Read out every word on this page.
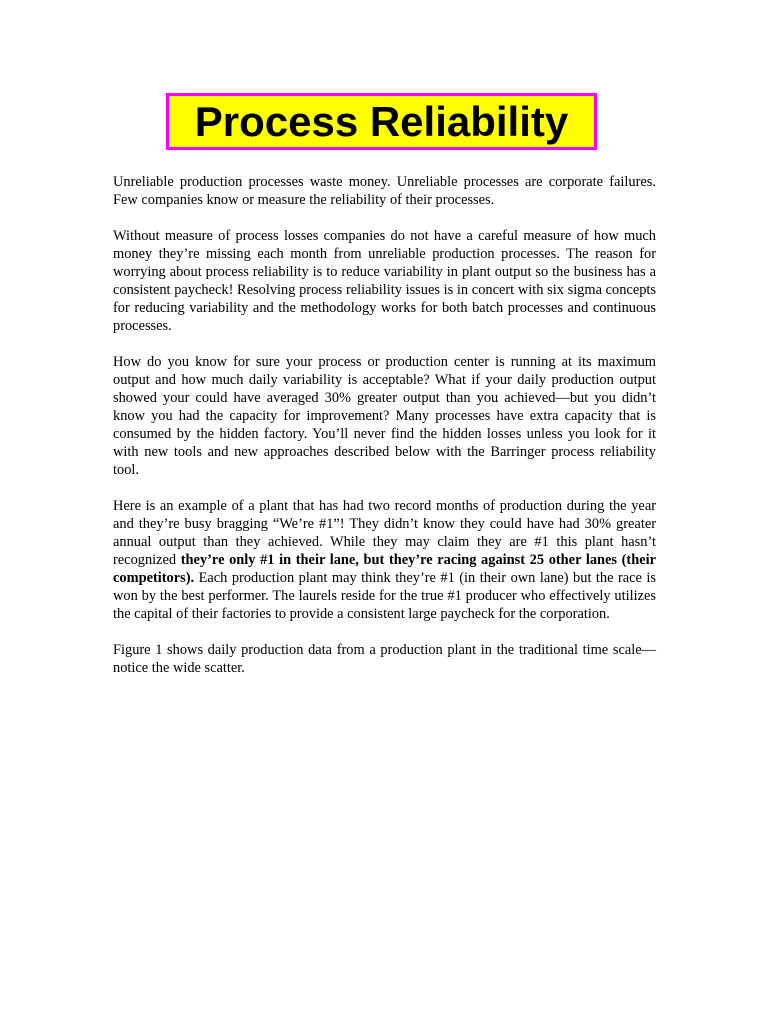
Process Reliability

Unreliable production processes waste money. Unreliable processes are corporate failures. Few companies know or measure the reliability of their processes.

Without measure of process losses companies do not have a careful measure of how much money they’re missing each month from unreliable production processes. The reason for worrying about process reliability is to reduce variability in plant output so the business has a consistent paycheck! Resolving process reliability issues is in concert with six sigma concepts for reducing variability and the methodology works for both batch processes and continuous processes.

How do you know for sure your process or production center is running at its maximum output and how much daily variability is acceptable? What if your daily production output showed your could have averaged 30% greater output than you achieved—but you didn’t know you had the capacity for improvement? Many processes have extra capacity that is consumed by the hidden factory. You’ll never find the hidden losses unless you look for it with new tools and new approaches described below with the Barringer process reliability tool.

Here is an example of a plant that has had two record months of production during the year and they’re busy bragging “We’re #1”! They didn’t know they could have had 30% greater annual output than they achieved. While they may claim they are #1 this plant hasn’t recognized they’re only #1 in their lane, but they’re racing against 25 other lanes (their competitors). Each production plant may think they’re #1 (in their own lane) but the race is won by the best performer. The laurels reside for the true #1 producer who effectively utilizes the capital of their factories to provide a consistent large paycheck for the corporation.

Figure 1 shows daily production data from a production plant in the traditional time scale—notice the wide scatter.
